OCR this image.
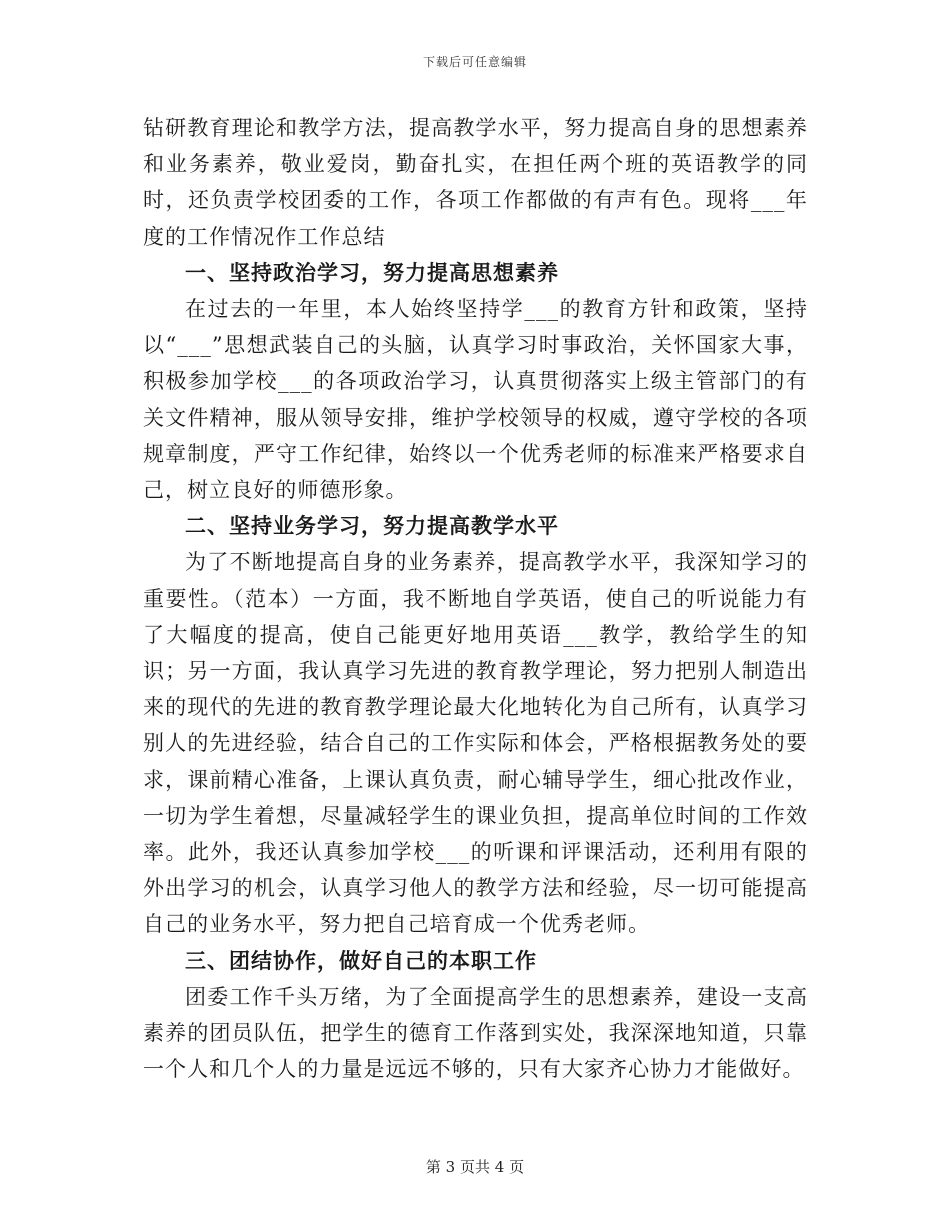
下载后可任意编辑

钻研教育理论和教学方法，提高教学水平，努力提高自身的思想素养和业务素养，敬业爱岗，勤奋扎实，在担任两个班的英语教学的同时，还负责学校团委的工作，各项工作都做的有声有色。现将___年度的工作情况作工作总结

一、坚持政治学习，努力提高思想素养

在过去的一年里，本人始终坚持学___的教育方针和政策，坚持以“___”思想武装自己的头脑，认真学习时事政治，关怀国家大事，积极参加学校___的各项政治学习，认真贯彻落实上级主管部门的有关文件精神，服从领导安排，维护学校领导的权威，遵守学校的各项规章制度，严守工作纪律，始终以一个优秀老师的标准来严格要求自己，树立良好的师德形象。

二、坚持业务学习，努力提高教学水平

为了不断地提高自身的业务素养，提高教学水平，我深知学习的重要性。（范本）一方面，我不断地自学英语，使自己的听说能力有了大幅度的提高，使自己能更好地用英语___教学，教给学生的知识；另一方面，我认真学习先进的教育教学理论，努力把别人制造出来的现代的先进的教育教学理论最大化地转化为自己所有，认真学习别人的先进经验，结合自己的工作实际和体会，严格根据教务处的要求，课前精心准备，上课认真负责，耐心辅导学生，细心批改作业，一切为学生着想，尽量减轻学生的课业负担，提高单位时间的工作效率。此外，我还认真参加学校___的听课和评课活动，还利用有限的外出学习的机会，认真学习他人的教学方法和经验，尽一切可能提高自己的业务水平，努力把自己培育成一个优秀老师。

三、团结协作，做好自己的本职工作

团委工作千头万绪，为了全面提高学生的思想素养，建设一支高素养的团员队伍，把学生的德育工作落到实处，我深深地知道，只靠一个人和几个人的力量是远远不够的，只有大家齐心协力才能做好。

第 3 页共 4 页
